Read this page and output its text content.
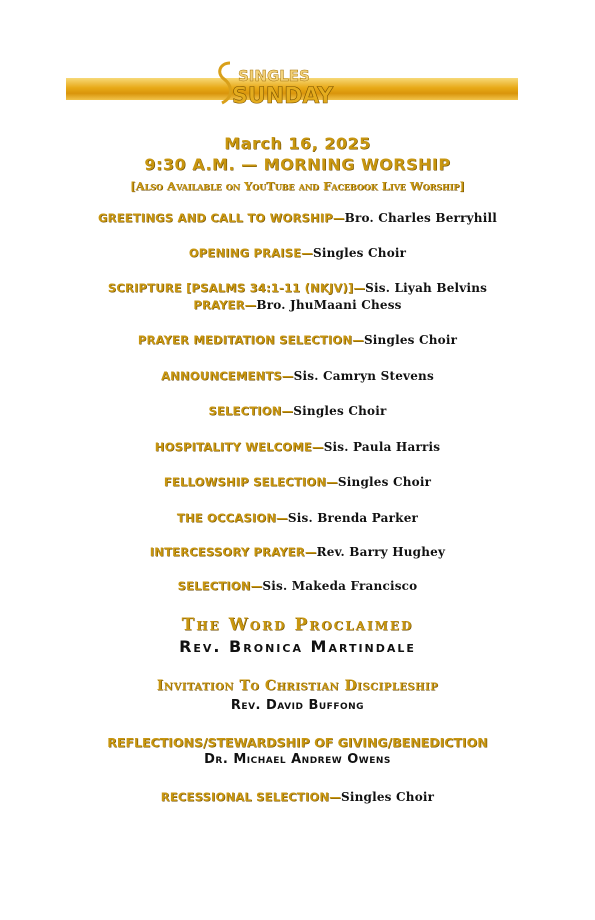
SINGLES
SUNDAY
March 16, 2025
9:30 A.M. — MORNING WORSHIP
[Also Available on YouTube and Facebook Live Worship]
GREETINGS AND CALL TO WORSHIP—Bro. Charles Berryhill
OPENING PRAISE—Singles Choir
SCRIPTURE [PSALMS 34:1-11 (NKJV)]—Sis. Liyah Belvins
PRAYER—Bro. JhuMaani Chess
PRAYER MEDITATION SELECTION—Singles Choir
ANNOUNCEMENTS—Sis. Camryn Stevens
SELECTION—Singles Choir
HOSPITALITY WELCOME—Sis. Paula Harris
FELLOWSHIP SELECTION—Singles Choir
THE OCCASION—Sis. Brenda Parker
INTERCESSORY PRAYER—Rev. Barry Hughey
SELECTION—Sis. Makeda Francisco
The Word Proclaimed
Rev. Bronica Martindale
Invitation To Christian Discipleship
Rev. David Buffong
REFLECTIONS/STEWARDSHIP OF GIVING/BENEDICTION
Dr. Michael Andrew Owens
RECESSIONAL SELECTION—Singles Choir
